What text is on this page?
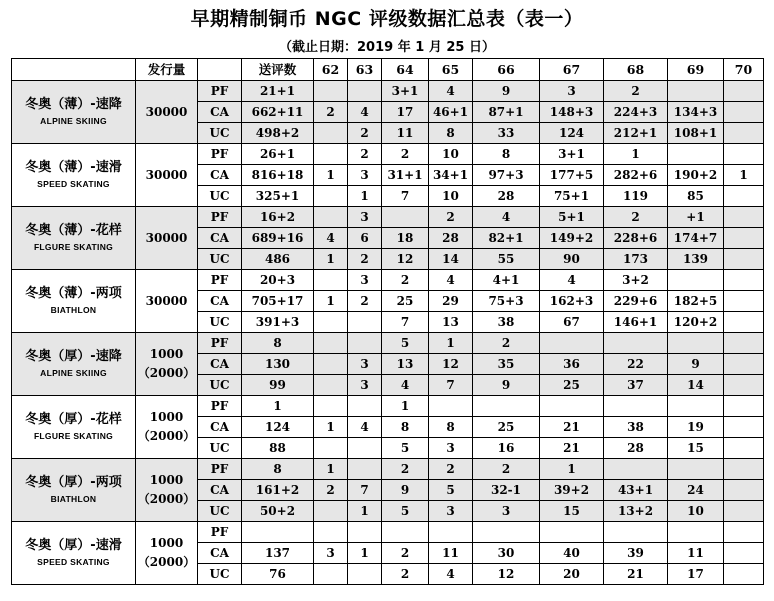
早期精制铜币 NGC 评级数据汇总表（表一）
（截止日期：2019 年 1 月 25 日）
	发行量		送评数	62	63	64	65	66	67	68	69	70

冬奥（薄）-速降
ALPINE SKIING	30000	PF	21+1			3+1	4	9	3	2		
		CA	662+11	2	4	17	46+1	87+1	148+3	224+3	134+3	
		UC	498+2		2	11	8	33	124	212+1	108+1	

冬奥（薄）-速滑
SPEED SKATING	30000	PF	26+1		2	2	10	8	3+1	1		
		CA	816+18	1	3	31+1	34+1	97+3	177+5	282+6	190+2	1
		UC	325+1		1	7	10	28	75+1	119	85	

冬奥（薄）-花样
FLGURE SKATING	30000	PF	16+2		3		2	4	5+1	2	+1	
		CA	689+16	4	6	18	28	82+1	149+2	228+6	174+7	
		UC	486	1	2	12	14	55	90	173	139	

冬奥（薄）-两项
BIATHLON	30000	PF	20+3		3	2	4	4+1	4	3+2		
		CA	705+17	1	2	25	29	75+3	162+3	229+6	182+5	
		UC	391+3			7	13	38	67	146+1	120+2	

冬奥（厚）-速降
ALPINE SKIING	1000
（2000）	PF	8			5	1	2				
		CA	130		3	13	12	35	36	22	9	
		UC	99		3	4	7	9	25	37	14	

冬奥（厚）-花样
FLGURE SKATING	1000
（2000）	PF	1			1						
		CA	124	1	4	8	8	25	21	38	19	
		UC	88			5	3	16	21	28	15	

冬奥（厚）-两项
BIATHLON	1000
（2000）	PF	8	1		2	2	2	1			
		CA	161+2	2	7	9	5	32-1	39+2	43+1	24	
		UC	50+2		1	5	3	3	15	13+2	10	

冬奥（厚）-速滑
SPEED SKATING	1000
（2000）	PF										
		CA	137	3	1	2	11	30	40	39	11	
		UC	76			2	4	12	20	21	17	
